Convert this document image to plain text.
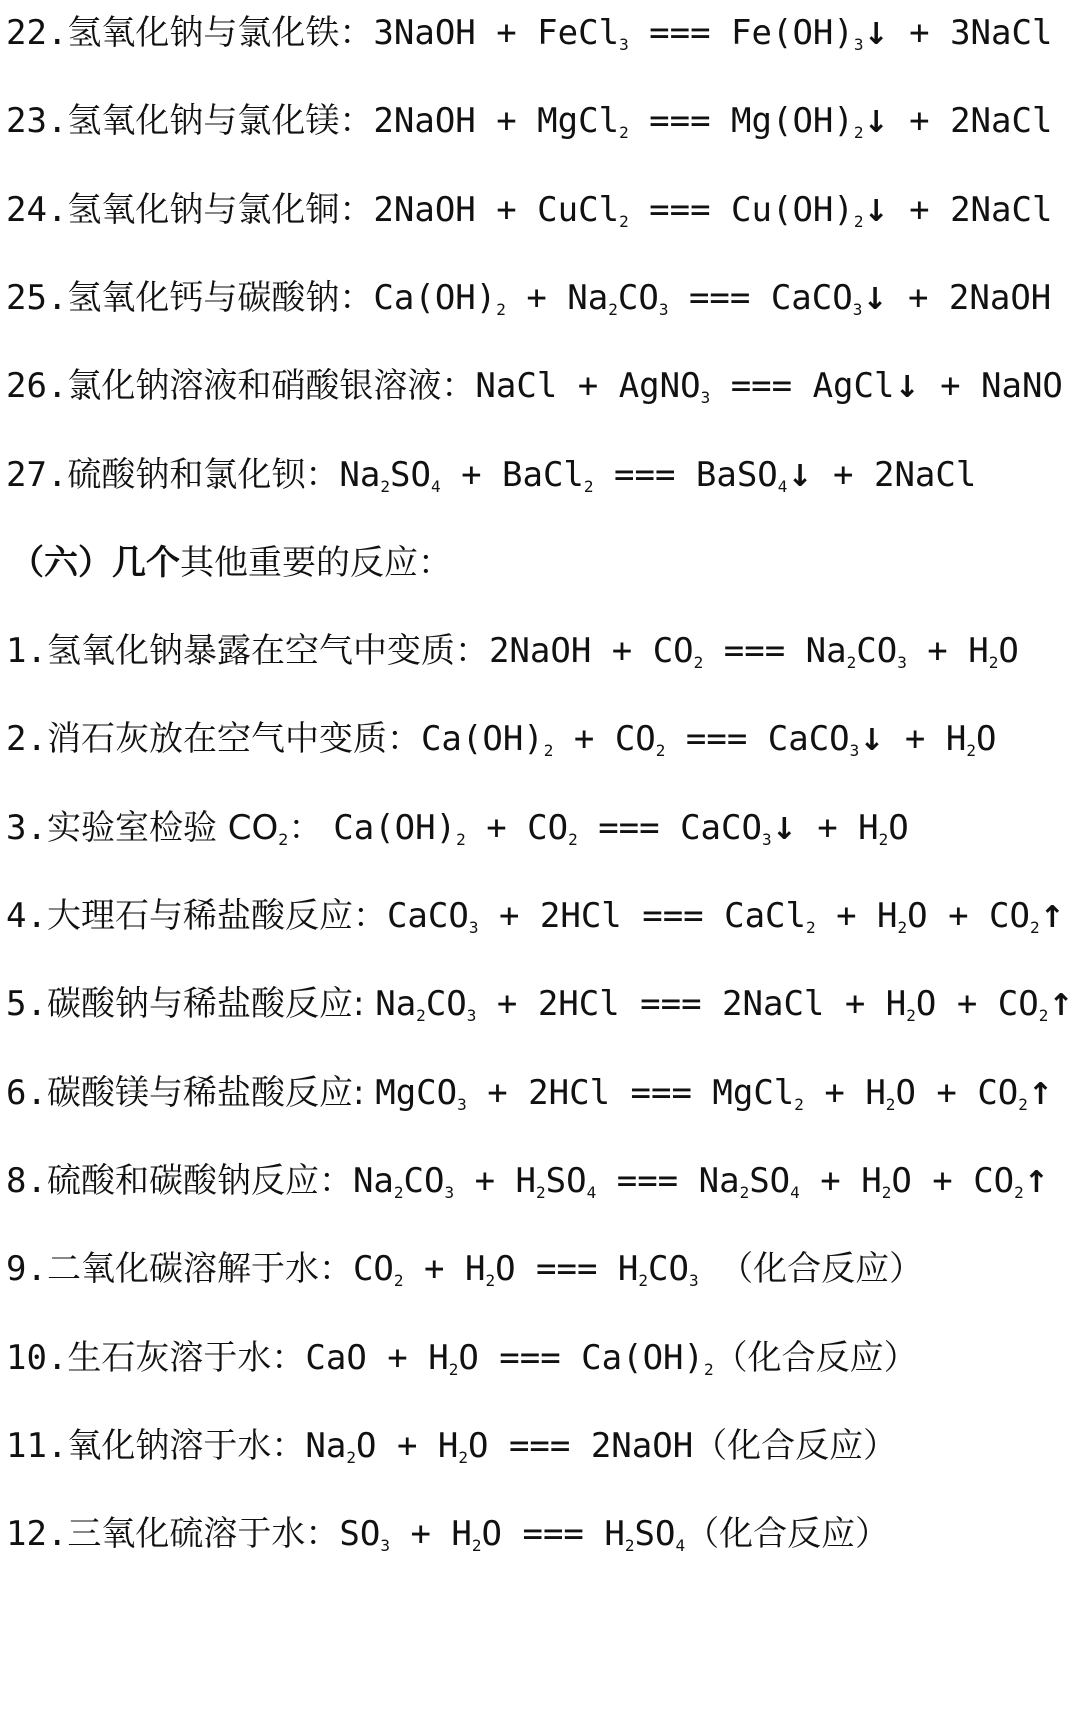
22.氢氧化钠与氯化铁：3NaOH + FeCl$_3$ === $Fe(OH)_3↓$ + 3NaCl
23.氢氧化钠与氯化镁：2NaOH + MgCl$_2$ === $Mg(OH)_2↓$ + 2NaCl
24.氢氧化钠与氯化铜：2NaOH + CuCl$_2$ === $Cu(OH)_2↓$ + 2NaCl
25.氢氧化钙与碳酸钠：$Ca(OH)_2 + Na_2CO_3$ === CaCO$_3$↓ + 2NaOH
26.氯化钠溶液和硝酸银溶液：NaCl + AgNO$_3$ === AgCl↓ + NaNO
27.硫酸钠和氯化钡：$Na_2SO_4$ + BaCl$_2$ === BaSO$_4$↓ + 2NaCl
（六）几个其他重要的反应：
1.氢氧化钠暴露在空气中变质：2NaOH + $CO_2$ === $Na_2CO_3 + H_2O$
2.消石灰放在空气中变质：$Ca(OH)_2 + CO_2$ === CaCO$_3$↓ + $H_2O$
3.实验室检验 $CO_2$： $Ca(OH)_2 + CO_2$ === CaCO$_3$↓ + $H_2O$
4.大理石与稀盐酸反应：CaCO$_3$ + 2HCl === CaCl$_2$ + $H_2O$ + $CO_2↑$
5.碳酸钠与稀盐酸反应: $Na_2CO_3 + 2HCl$ === 2NaCl + $H_2O$ + $CO_2↑$
6.碳酸镁与稀盐酸反应: MgCO$_3$ + 2HCl === MgCl$_2$ + $H_2O$ + $CO_2↑$
8.硫酸和碳酸钠反应：$Na_2CO_3 + H_2SO_4$ === $Na_2SO_4 + H_2O$ + $CO_2↑$
9.二氧化碳溶解于水：$CO_2 + H_2O$ === $H_2CO_3$ （化合反应）
10.生石灰溶于水：CaO + $H_2O$ === $Ca(OH)_2$（化合反应）
11.氧化钠溶于水：$Na_2O + H_2O$ === 2NaOH（化合反应）
12.三氧化硫溶于水：$SO_3 + H_2O$ === $H_2SO_4$（化合反应）
